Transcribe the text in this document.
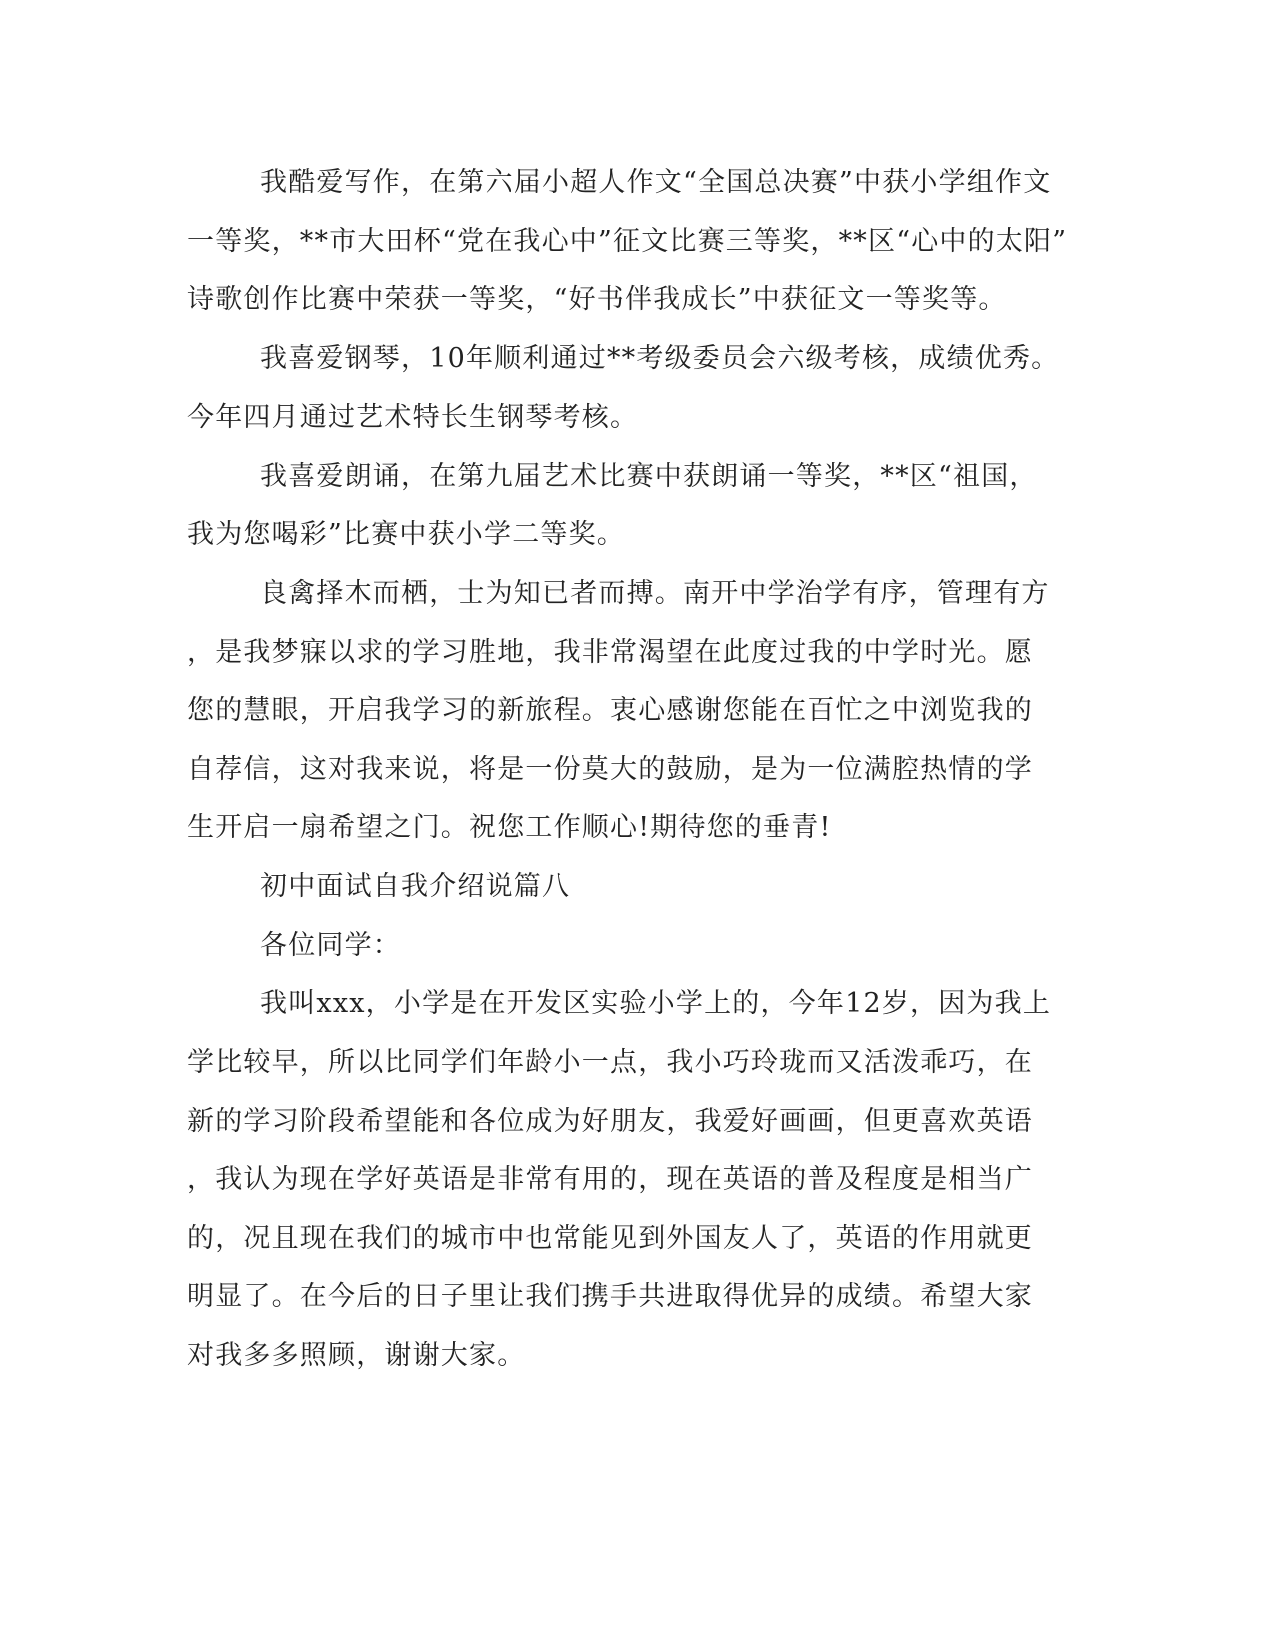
我酷爱写作，在第六届小超人作文“全国总决赛”中获小学组作文
一等奖，**市大田杯“党在我心中”征文比赛三等奖，**区“心中的太阳”
诗歌创作比赛中荣获一等奖，“好书伴我成长”中获征文一等奖等。
我喜爱钢琴，10年顺利通过**考级委员会六级考核，成绩优秀。
今年四月通过艺术特长生钢琴考核。
我喜爱朗诵，在第九届艺术比赛中获朗诵一等奖，**区“祖国，
我为您喝彩”比赛中获小学二等奖。
良禽择木而栖，士为知已者而搏。南开中学治学有序，管理有方
，是我梦寐以求的学习胜地，我非常渴望在此度过我的中学时光。愿
您的慧眼，开启我学习的新旅程。衷心感谢您能在百忙之中浏览我的
自荐信，这对我来说，将是一份莫大的鼓励，是为一位满腔热情的学
生开启一扇希望之门。祝您工作顺心!期待您的垂青!
初中面试自我介绍说篇八
各位同学：
我叫xxx，小学是在开发区实验小学上的，今年12岁，因为我上
学比较早，所以比同学们年龄小一点，我小巧玲珑而又活泼乖巧，在
新的学习阶段希望能和各位成为好朋友，我爱好画画，但更喜欢英语
，我认为现在学好英语是非常有用的，现在英语的普及程度是相当广
的，况且现在我们的城市中也常能见到外国友人了，英语的作用就更
明显了。在今后的日子里让我们携手共进取得优异的成绩。希望大家
对我多多照顾，谢谢大家。
